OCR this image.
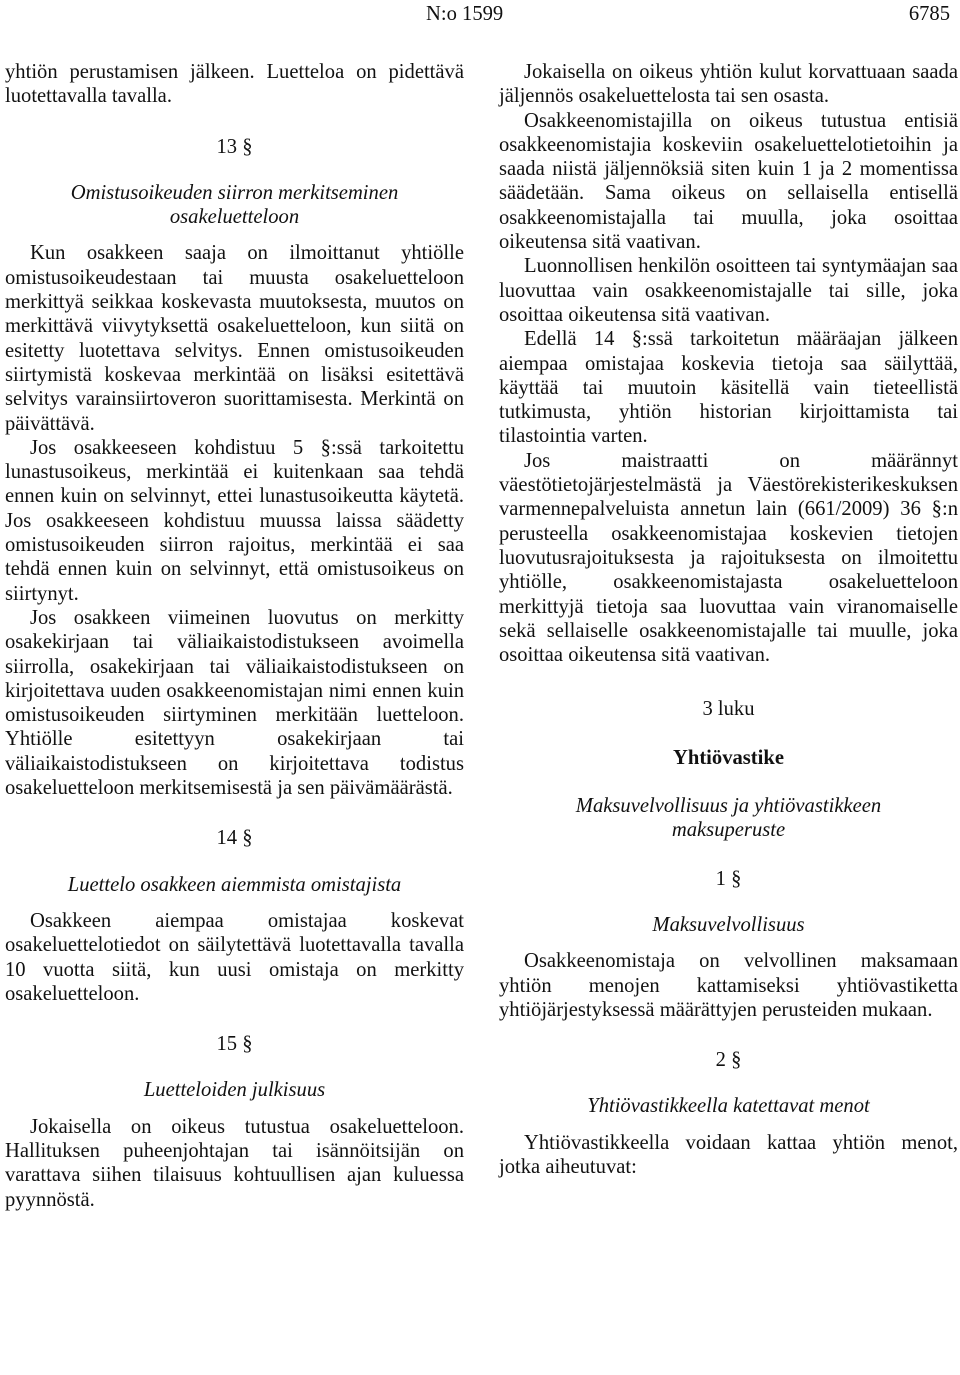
N:o 1599	6785

yhtiön perustamisen jälkeen. Luetteloa on pidettävä luotettavalla tavalla.

13 §

Omistusoikeuden siirron merkitseminen osakeluetteloon

Kun osakkeen saaja on ilmoittanut yhtiölle omistusoikeudestaan tai muusta osakeluetteloon merkittyä seikkaa koskevasta muutoksesta, muutos on merkittävä viivytyksettä osakeluetteloon, kun siitä on esitetty luotettava selvitys. Ennen omistusoikeuden siirtymistä koskevaa merkintää on lisäksi esitettävä selvitys varainsiirtoveron suorittamisesta. Merkintä on päivättävä.

Jos osakkeeseen kohdistuu 5 §:ssä tarkoitettu lunastusoikeus, merkintää ei kuitenkaan saa tehdä ennen kuin on selvinnyt, ettei lunastusoikeutta käytetä. Jos osakkeeseen kohdistuu muussa laissa säädetty omistusoikeuden siirron rajoitus, merkintää ei saa tehdä ennen kuin on selvinnyt, että omistusoikeus on siirtynyt.

Jos osakkeen viimeinen luovutus on merkitty osakekirjaan tai väliaikaistodistukseen avoimella siirrolla, osakekirjaan tai väliaikaistodistukseen on kirjoitettava uuden osakkeenomistajan nimi ennen kuin omistusoikeuden siirtyminen merkitään luetteloon. Yhtiölle esitettyyn osakekirjaan tai väliaikaistodistukseen on kirjoitettava todistus osakeluetteloon merkitsemisestä ja sen päivämäärästä.

14 §

Luettelo osakkeen aiemmista omistajista

Osakkeen aiempaa omistajaa koskevat osakeluettelotiedot on säilytettävä luotettavalla tavalla 10 vuotta siitä, kun uusi omistaja on merkitty osakeluetteloon.

15 §

Luetteloiden julkisuus

Jokaisella on oikeus tutustua osakeluetteloon. Hallituksen puheenjohtajan tai isännöitsijän on varattava siihen tilaisuus kohtuullisen ajan kuluessa pyynnöstä.

Jokaisella on oikeus yhtiön kulut korvattuaan saada jäljennös osakeluettelosta tai sen osasta.

Osakkeenomistajilla on oikeus tutustua entisiä osakkeenomistajia koskeviin osakeluettelotietoihin ja saada niistä jäljennöksiä siten kuin 1 ja 2 momentissa säädetään. Sama oikeus on sellaisella entisellä osakkeenomistajalla tai muulla, joka osoittaa oikeutensa sitä vaativan.

Luonnollisen henkilön osoitteen tai syntymäajan saa luovuttaa vain osakkeenomistajalle tai sille, joka osoittaa oikeutensa sitä vaativan.

Edellä 14 §:ssä tarkoitetun määräajan jälkeen aiempaa omistajaa koskevia tietoja saa säilyttää, käyttää tai muutoin käsitellä vain tieteellistä tutkimusta, yhtiön historian kirjoittamista tai tilastointia varten.

Jos maistraatti on määrännyt väestötietojärjestelmästä ja Väestörekisterikeskuksen varmennepalveluista annetun lain (661/2009) 36 §:n perusteella osakkeenomistajaa koskevien tietojen luovutusrajoituksesta ja rajoituksesta on ilmoitettu yhtiölle, osakkeenomistajasta osakeluetteloon merkittyjä tietoja saa luovuttaa vain viranomaiselle sekä sellaiselle osakkeenomistajalle tai muulle, joka osoittaa oikeutensa sitä vaativan.

3 luku

Yhtiövastike

Maksuvelvollisuus ja yhtiövastikkeen maksuperuste

1 §

Maksuvelvollisuus

Osakkeenomistaja on velvollinen maksamaan yhtiön menojen kattamiseksi yhtiövastiketta yhtiöjärjestyksessä määrättyjen perusteiden mukaan.

2 §

Yhtiövastikkeella katettavat menot

Yhtiövastikkeella voidaan kattaa yhtiön menot, jotka aiheutuvat:
